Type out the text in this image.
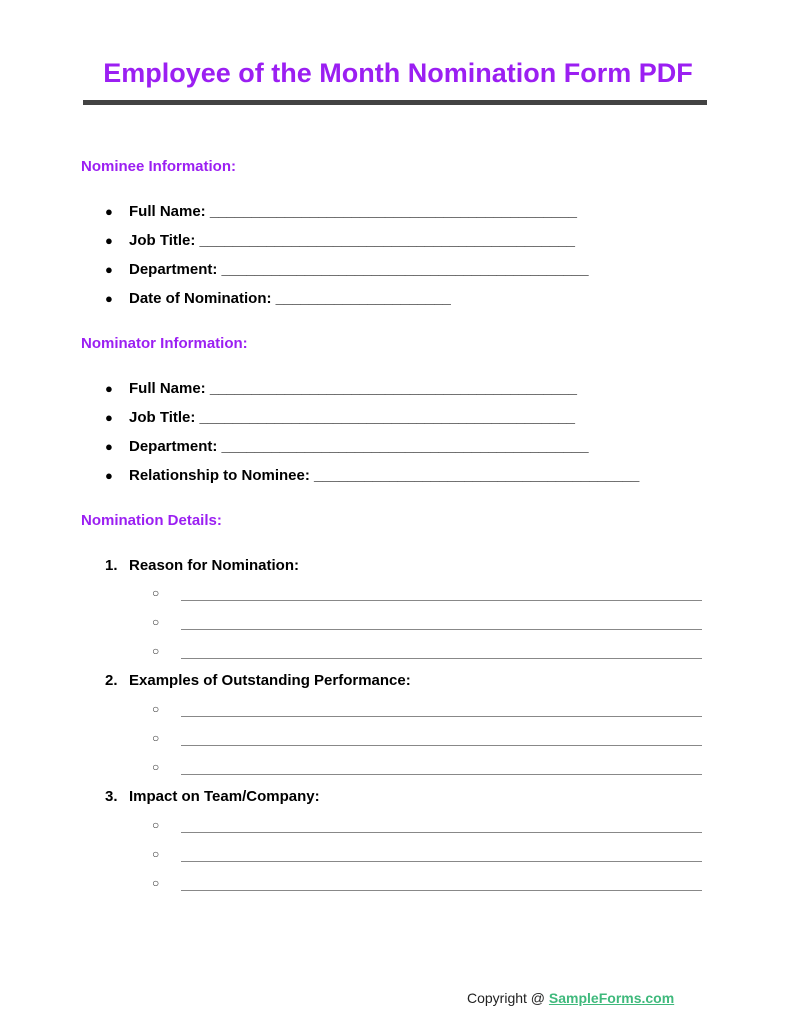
Employee of the Month Nomination Form PDF
Nominee Information:
● Full Name: ____________________________________________
● Job Title: _____________________________________________
● Department: ____________________________________________
● Date of Nomination: _____________________
Nominator Information:
● Full Name: ____________________________________________
● Job Title: _____________________________________________
● Department: ____________________________________________
● Relationship to Nominee: _______________________________________
Nomination Details:
1. Reason for Nomination:
○
○
○
2. Examples of Outstanding Performance:
○
○
○
3. Impact on Team/Company:
○
○
○
Copyright @ SampleForms.com
